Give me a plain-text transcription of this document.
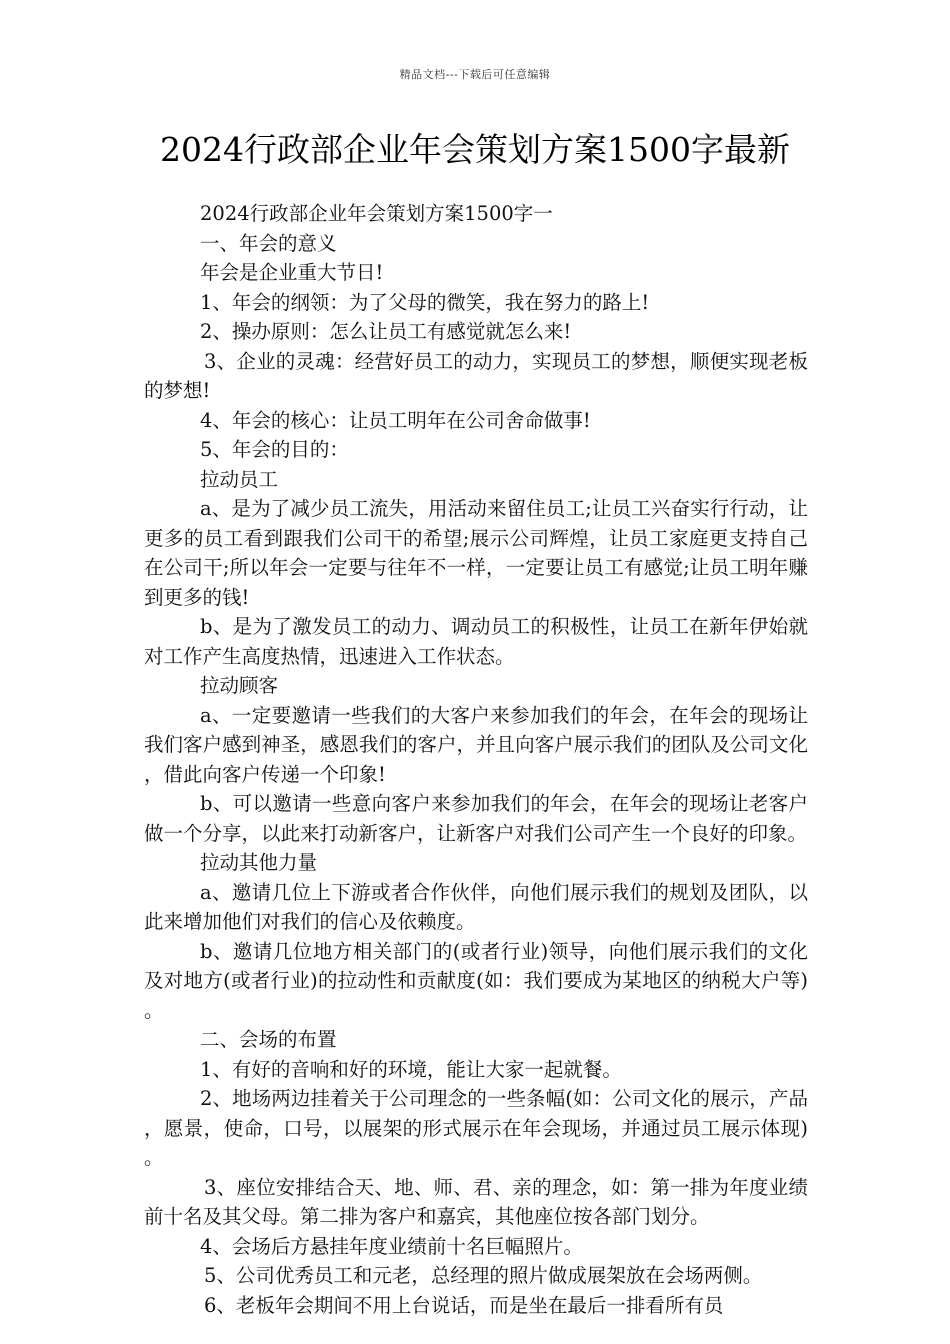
精品文档---下载后可任意编辑
2024行政部企业年会策划方案1500字最新

2024行政部企业年会策划方案1500字一

一、年会的意义

年会是企业重大节日!

1、年会的纲领：为了父母的微笑，我在努力的路上!

2、操办原则：怎么让员工有感觉就怎么来!

3、企业的灵魂：经营好员工的动力，实现员工的梦想，顺便实现老板的梦想!

4、年会的核心：让员工明年在公司舍命做事!

5、年会的目的：

拉动员工

a、是为了减少员工流失，用活动来留住员工;让员工兴奋实行行动，让更多的员工看到跟我们公司干的希望;展示公司辉煌，让员工家庭更支持自己在公司干;所以年会一定要与往年不一样，一定要让员工有感觉;让员工明年赚到更多的钱!

b、是为了激发员工的动力、调动员工的积极性，让员工在新年伊始就对工作产生高度热情，迅速进入工作状态。

拉动顾客

a、一定要邀请一些我们的大客户来参加我们的年会，在年会的现场让我们客户感到神圣，感恩我们的客户，并且向客户展示我们的团队及公司文化，借此向客户传递一个印象!

b、可以邀请一些意向客户来参加我们的年会，在年会的现场让老客户做一个分享，以此来打动新客户，让新客户对我们公司产生一个良好的印象。

拉动其他力量

a、邀请几位上下游或者合作伙伴，向他们展示我们的规划及团队，以此来增加他们对我们的信心及依赖度。

b、邀请几位地方相关部门的(或者行业)领导，向他们展示我们的文化及对地方(或者行业)的拉动性和贡献度(如：我们要成为某地区的纳税大户等)。

二、会场的布置

1、有好的音响和好的环境，能让大家一起就餐。

2、地场两边挂着关于公司理念的一些条幅(如：公司文化的展示，产品，愿景，使命，口号，以展架的形式展示在年会现场，并通过员工展示体现)。

3、座位安排结合天、地、师、君、亲的理念，如：第一排为年度业绩前十名及其父母。第二排为客户和嘉宾，其他座位按各部门划分。

4、会场后方悬挂年度业绩前十名巨幅照片。

5、公司优秀员工和元老，总经理的照片做成展架放在会场两侧。

6、老板年会期间不用上台说话，而是坐在最后一排看所有员
